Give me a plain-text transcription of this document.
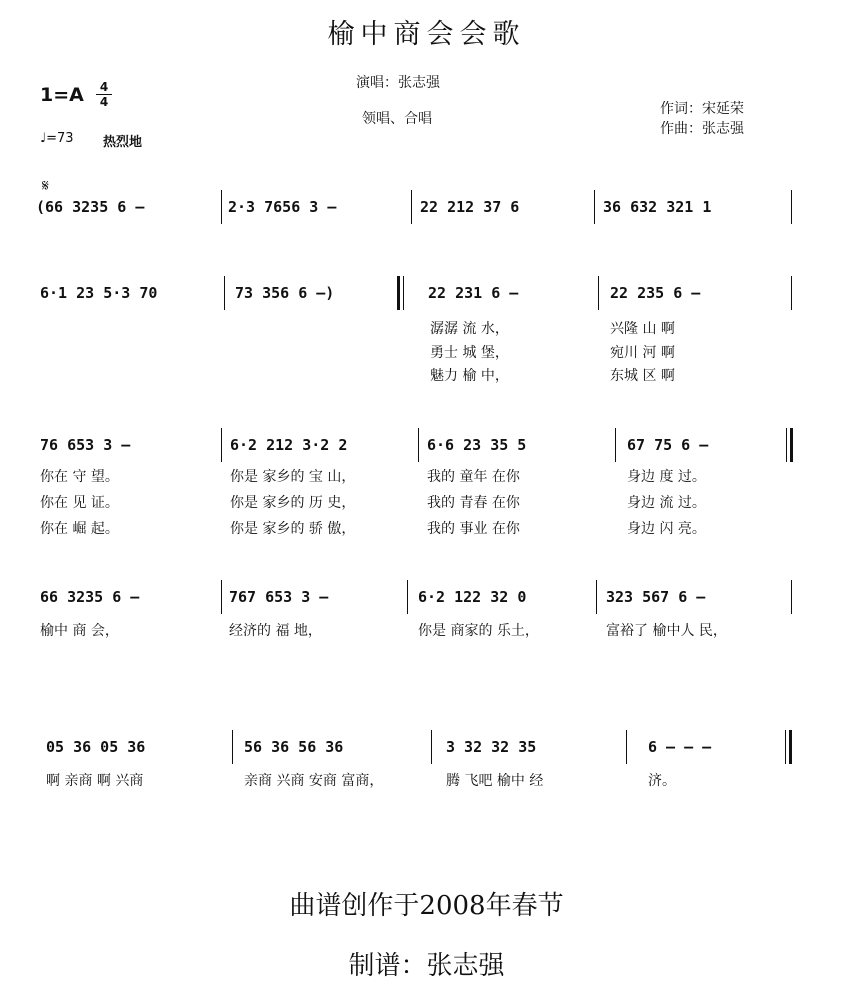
榆中商会会歌
1=A	4
4
演唱：张志强
领唱、合唱
作词：宋延荣
作曲：张志强
♩=73 热烈地
𝄋
(66 3235 6 –	2·3 7656 3 –	22 212 37 6	36 632 321 1
6·1 23 5·3 70	73 356 6 –)	22 231 6 –	22 235 6 –
潺潺 流 水，	兴隆 山 啊
勇士 城 堡，	宛川 河 啊
魅力 榆 中，	东城 区 啊
76 653 3 –	6·2 212 3·2 2	6·6 23 35 5	67 75 6 –
你在 守 望。	你是 家乡的 宝 山，	我的 童年 在你	身边 度 过。
你在 见 证。	你是 家乡的 历 史，	我的 青春 在你	身边 流 过。
你在 崛 起。	你是 家乡的 骄 傲，	我的 事业 在你	身边 闪 亮。
66 3235 6 –	767 653 3 –	6·2 122 32 0	323 567 6 –
榆中 商 会，	经济的 福 地，	你是 商家的 乐土，	富裕了 榆中人 民，
05 36 05 36	56 36 56 36	3 32 32 35	6 – – –
啊 亲商 啊 兴商	亲商 兴商 安商 富商，	腾 飞吧 榆中 经	济。
曲谱创作于2008年春节
制谱：张志强
